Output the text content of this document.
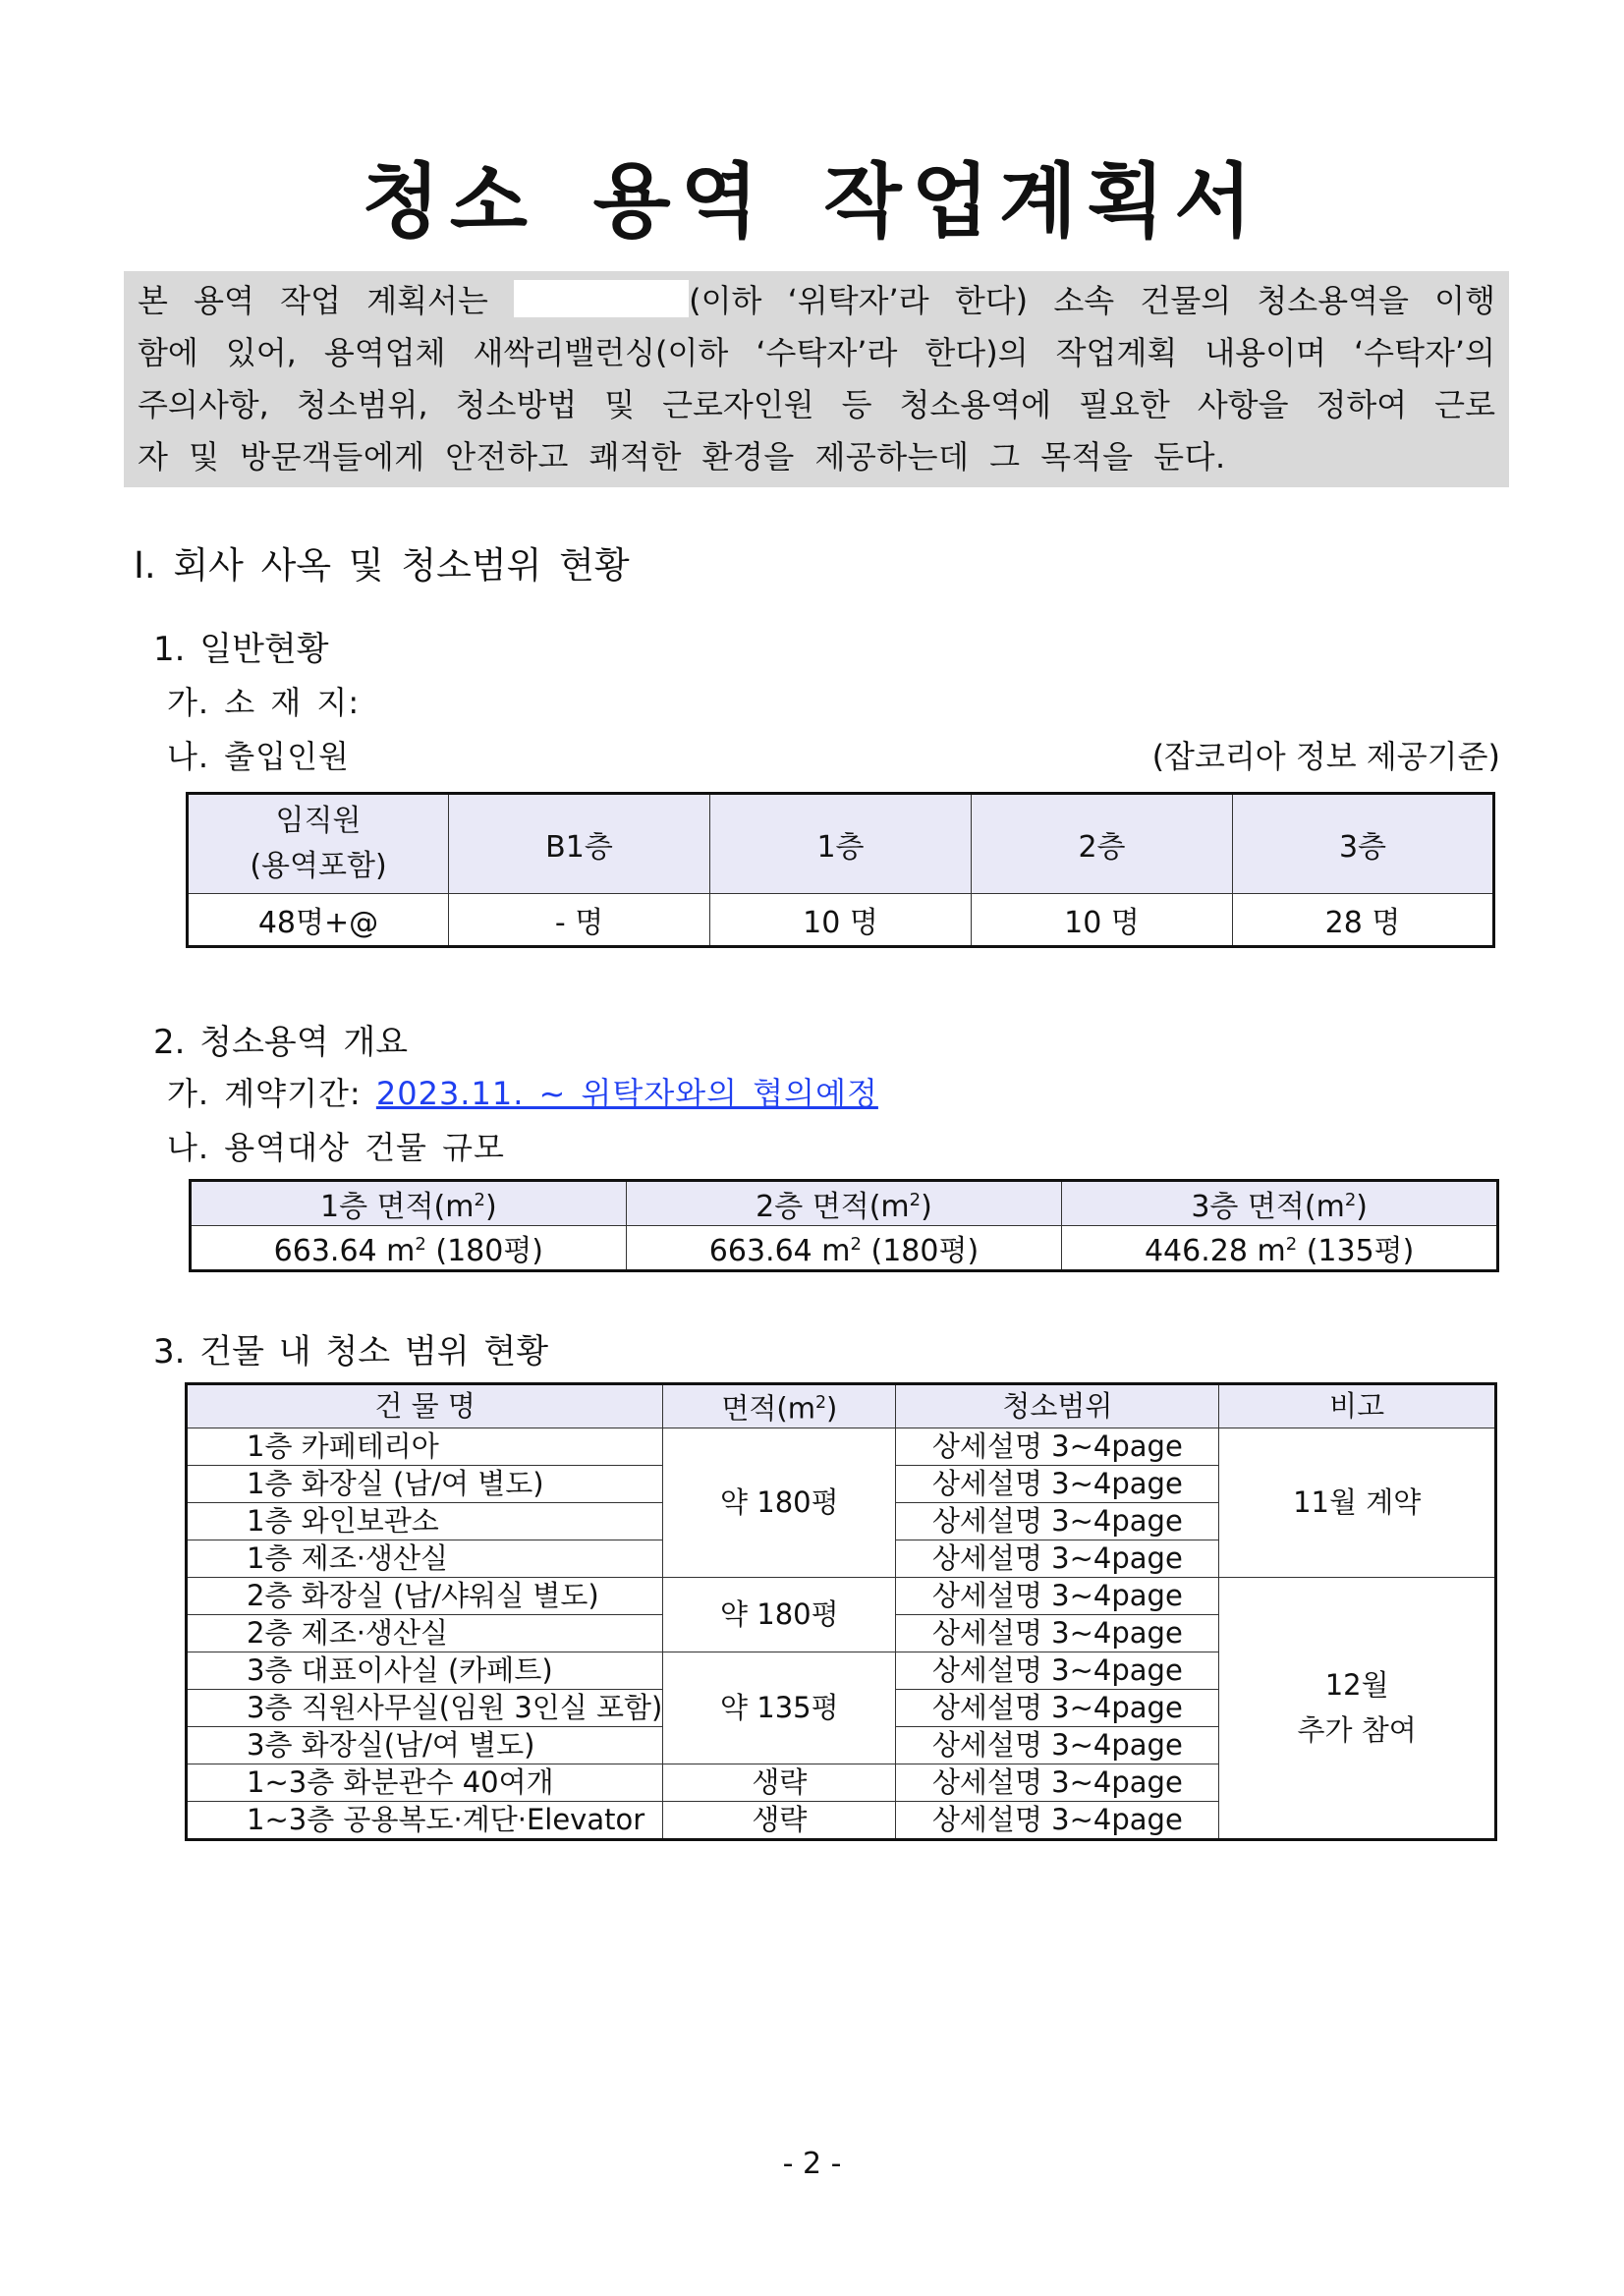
청소 용역 작업계획서
본 용역 작업 계획서는	(이하 ‘위탁자’라 한다) 소속 건물의 청소용역을 이행
함에 있어, 용역업체 새싹리밸런싱(이하 ‘수탁자’라 한다)의 작업계획 내용이며 ‘수탁자’의
주의사항, 청소범위, 청소방법 및 근로자인원 등 청소용역에 필요한 사항을 정하여 근로
자 및 방문객들에게 안전하고 쾌적한 환경을 제공하는데 그 목적을 둔다.
Ⅰ. 회사 사옥 및 청소범위 현황
1. 일반현황
가. 소 재 지:
나. 출입인원	(잡코리아 정보 제공기준)
임직원
(용역포함)	B1층	1층	2층	3층
48명+@	- 명	10 명	10 명	28 명
2. 청소용역 개요
가. 계약기간: 2023.11. ~ 위탁자와의 협의예정
나. 용역대상 건물 규모
1층 면적$(m^2)$	2층 면적$(m^2)$	3층 면적$(m^2)$
663.64 $m^2$ (180평)	663.64 $m^2$ (180평)	446.28 $m^2$ (135평)
3. 건물 내 청소 범위 현황
건 물 명	면적$(m^2)$	청소범위	비고
1층 카페테리아	약 180평	상세설명 3~4page	11월 계약
1층 화장실 (남/여 별도)		상세설명 3~4page	
1층 와인보관소		상세설명 3~4page	
1층 제조·생산실		상세설명 3~4page	
2층 화장실 (남/샤워실 별도)	약 180평	상세설명 3~4page	12월
추가 참여
2층 제조·생산실		상세설명 3~4page	
3층 대표이사실 (카페트)	약 135평	상세설명 3~4page	
3층 직원사무실(임원 3인실 포함)		상세설명 3~4page	
3층 화장실(남/여 별도)		상세설명 3~4page	
1~3층 화분관수 40여개	생략	상세설명 3~4page	
1~3층 공용복도·계단·Elevator	생략	상세설명 3~4page	
- 2 -
